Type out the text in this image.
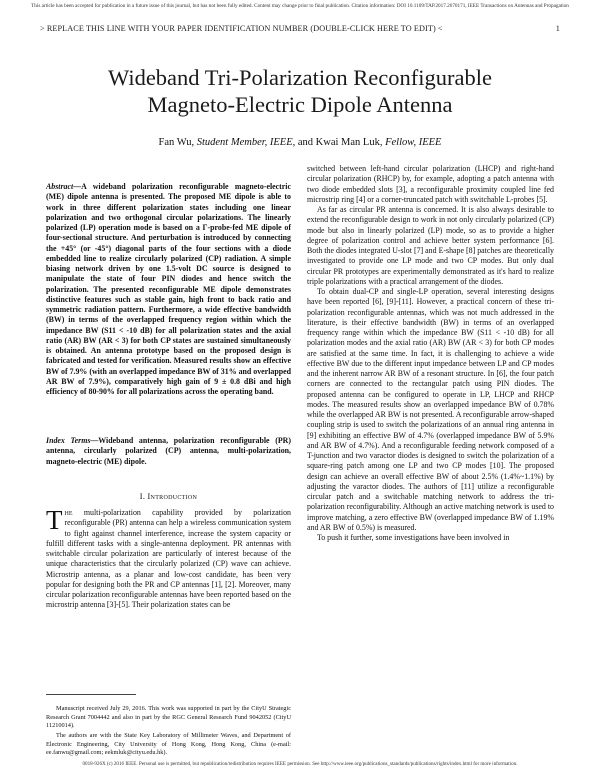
This article has been accepted for publication in a future issue of this journal, but has not been fully edited. Content may change prior to final publication. Citation information: DOI 10.1109/TAP.2017.2670171, IEEE Transactions on Antennas and Propagation
> REPLACE THIS LINE WITH YOUR PAPER IDENTIFICATION NUMBER (DOUBLE-CLICK HERE TO EDIT) <	1
Wideband Tri-Polarization Reconfigurable
Magneto-Electric Dipole Antenna
Fan Wu, Student Member, IEEE, and Kwai Man Luk, Fellow, IEEE

Abstract—A wideband polarization reconfigurable magneto-electric (ME) dipole antenna is presented. The proposed ME dipole is able to work in three different polarization states including one linear polarization and two orthogonal circular polarizations. The linearly polarized (LP) operation mode is based on a Γ-probe-fed ME dipole of four-sectional structure. And perturbation is introduced by connecting the +45° (or -45°) diagonal parts of the four sections with a diode embedded line to realize circularly polarized (CP) radiation. A simple biasing network driven by one 1.5-volt DC source is designed to manipulate the state of four PIN diodes and hence switch the polarization. The presented reconfigurable ME dipole demonstrates distinctive features such as stable gain, high front to back ratio and symmetric radiation pattern. Furthermore, a wide effective bandwidth (BW) in terms of the overlapped frequency region within which the impedance BW (S11 < -10 dB) for all polarization states and the axial ratio (AR) BW (AR < 3) for both CP states are sustained simultaneously is obtained. An antenna prototype based on the proposed design is fabricated and tested for verification. Measured results show an effective BW of 7.9% (with an overlapped impedance BW of 31% and overlapped AR BW of 7.9%), comparatively high gain of 9 ± 0.8 dBi and high efficiency of 80-90% for all polarizations across the operating band.

Index Terms—Wideband antenna, polarization reconfigurable (PR) antenna, circularly polarized (CP) antenna, multi-polarization, magneto-electric (ME) dipole.

I. Introduction

The multi-polarization capability provided by polarization reconfigurable (PR) antenna can help a wireless communication system to fight against channel interference, increase the system capacity or fulfill different tasks with a single-antenna deployment. PR antennas with switchable circular polarization are particularly of interest because of the unique characteristics that the circularly polarized (CP) wave can achieve. Microstrip antenna, as a planar and low-cost candidate, has been very popular for designing both the PR and CP antennas [1], [2]. Moreover, many circular polarization reconfigurable antennas have been reported based on the microstrip antenna [3]-[5]. Their polarization states can be

Manuscript received July 29, 2016. This work was supported in part by the CityU Strategic Research Grant 7004442 and also in part by the RGC General Research Fund 9042052 (CityU 11210014).

The authors are with the State Key Laboratory of Millimeter Waves, and Department of Electronic Engineering, City University of Hong Kong, Hong Kong, China (e-mail: ee.fanwu@gmail.com; eekmluk@cityu.edu.hk).

switched between left-hand circular polarization (LHCP) and right-hand circular polarization (RHCP) by, for example, adopting a patch antenna with two diode embedded slots [3], a reconfigurable proximity coupled line fed microstrip ring [4] or a corner-truncated patch with switchable L-probes [5].

As far as circular PR antenna is concerned. It is also always desirable to extend the reconfigurable design to work in not only circularly polarized (CP) mode but also in linearly polarized (LP) mode, so as to provide a higher degree of polarization control and achieve better system performance [6]. Both the diodes integrated U-slot [7] and E-shape [8] patches are theoretically investigated to provide one LP mode and two CP modes. But only dual circular PR prototypes are experimentally demonstrated as it's hard to realize triple polarizations with a practical arrangement of the diodes.

To obtain dual-CP and single-LP operation, several interesting designs have been reported [6], [9]-[11]. However, a practical concern of these tri-polarization reconfigurable antennas, which was not much addressed in the literature, is their effective bandwidth (BW) in terms of an overlapped frequency range within which the impedance BW (S11 < -10 dB) for all polarization modes and the axial ratio (AR) BW (AR < 3) for both CP modes are satisfied at the same time. In fact, it is challenging to achieve a wide effective BW due to the different input impedance between LP and CP modes and the inherent narrow AR BW of a resonant structure. In [6], the four patch corners are connected to the rectangular patch using PIN diodes. The proposed antenna can be configured to operate in LP, LHCP and RHCP modes. The measured results show an overlapped impedance BW of 0.78% while the overlapped AR BW is not presented. A reconfigurable arrow-shaped coupling strip is used to switch the polarizations of an annual ring antenna in [9] exhibiting an effective BW of 4.7% (overlapped impedance BW of 5.9% and AR BW of 4.7%). And a reconfigurable feeding network composed of a T-junction and two varactor diodes is designed to switch the polarization of a square-ring patch among one LP and two CP modes [10]. The proposed design can achieve an overall effective BW of about 2.5% (1.4%~1.1%) by adjusting the varactor diodes. The authors of [11] utilize a reconfigurable circular patch and a switchable matching network to address the tri-polarization reconfigurability. Although an active matching network is used to improve matching, a zero effective BW (overlapped impedance BW of 1.19% and AR BW of 0.5%) is measured.

To push it further, some investigations have been involved in

0018-926X (c) 2016 IEEE. Personal use is permitted, but republication/redistribution requires IEEE permission. See http://www.ieee.org/publications_standards/publications/rights/index.html for more information.
